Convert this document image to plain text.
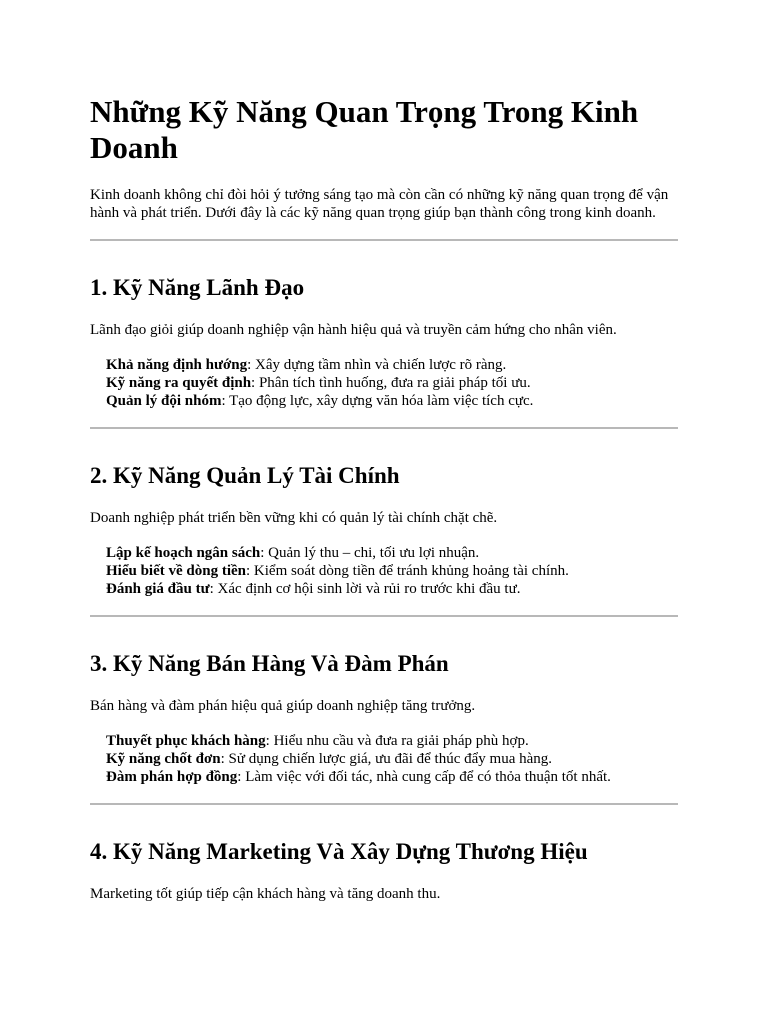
Những Kỹ Năng Quan Trọng Trong Kinh Doanh

Kinh doanh không chỉ đòi hỏi ý tưởng sáng tạo mà còn cần có những kỹ năng quan trọng để vận hành và phát triển. Dưới đây là các kỹ năng quan trọng giúp bạn thành công trong kinh doanh.

1. Kỹ Năng Lãnh Đạo

Lãnh đạo giỏi giúp doanh nghiệp vận hành hiệu quả và truyền cảm hứng cho nhân viên.

Khả năng định hướng: Xây dựng tầm nhìn và chiến lược rõ ràng.
Kỹ năng ra quyết định: Phân tích tình huống, đưa ra giải pháp tối ưu.
Quản lý đội nhóm: Tạo động lực, xây dựng văn hóa làm việc tích cực.
2. Kỹ Năng Quản Lý Tài Chính

Doanh nghiệp phát triển bền vững khi có quản lý tài chính chặt chẽ.

Lập kế hoạch ngân sách: Quản lý thu – chi, tối ưu lợi nhuận.
Hiểu biết về dòng tiền: Kiểm soát dòng tiền để tránh khủng hoảng tài chính.
Đánh giá đầu tư: Xác định cơ hội sinh lời và rủi ro trước khi đầu tư.
3. Kỹ Năng Bán Hàng Và Đàm Phán

Bán hàng và đàm phán hiệu quả giúp doanh nghiệp tăng trưởng.

Thuyết phục khách hàng: Hiểu nhu cầu và đưa ra giải pháp phù hợp.
Kỹ năng chốt đơn: Sử dụng chiến lược giá, ưu đãi để thúc đẩy mua hàng.
Đàm phán hợp đồng: Làm việc với đối tác, nhà cung cấp để có thỏa thuận tốt nhất.
4. Kỹ Năng Marketing Và Xây Dựng Thương Hiệu

Marketing tốt giúp tiếp cận khách hàng và tăng doanh thu.
